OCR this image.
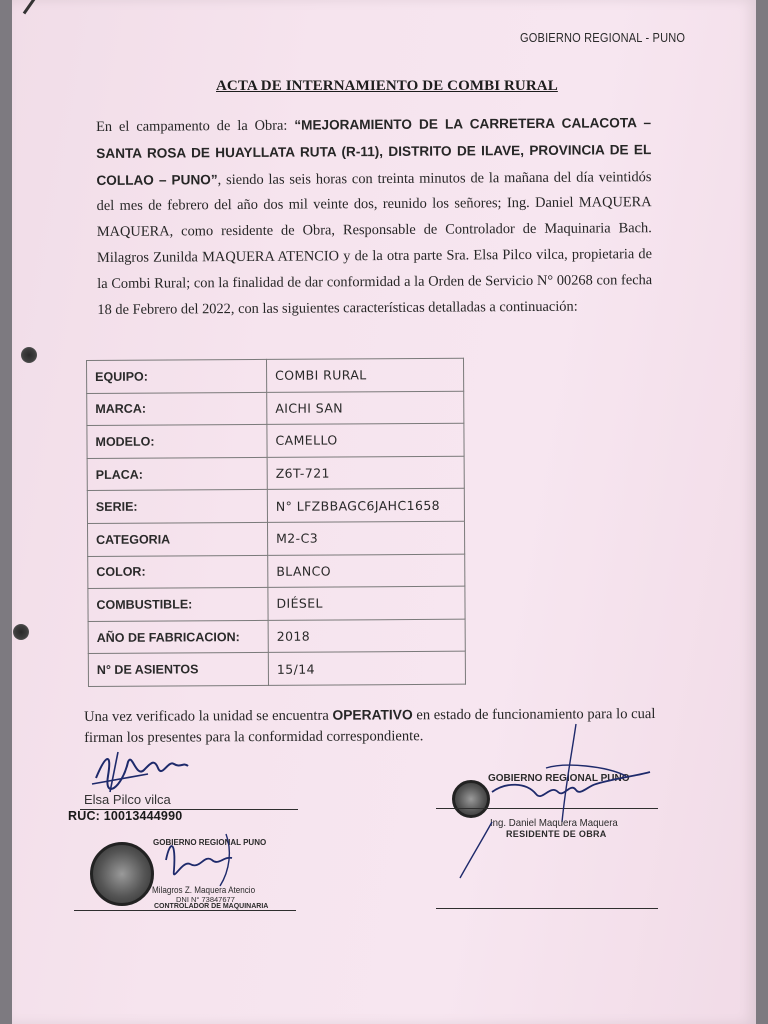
GOBIERNO REGIONAL - PUNO
ACTA DE INTERNAMIENTO DE COMBI RURAL
En el campamento de la Obra: “MEJORAMIENTO DE LA CARRETERA CALACOTA – SANTA ROSA DE HUAYLLATA RUTA (R-11), DISTRITO DE ILAVE, PROVINCIA DE EL COLLAO – PUNO”, siendo las seis horas con treinta minutos de la mañana del día veintidós del mes de febrero del año dos mil veinte dos, reunido los señores; Ing. Daniel MAQUERA MAQUERA, como residente de Obra, Responsable de Controlador de Maquinaria Bach. Milagros Zunilda MAQUERA ATENCIO y de la otra parte Sra. Elsa Pilco vilca, propietaria de la Combi Rural; con la finalidad de dar conformidad a la Orden de Servicio N° 00268 con fecha 18 de Febrero del 2022, con las siguientes características detalladas a continuación:
EQUIPO:	COMBI RURAL
MARCA:	AICHI SAN
MODELO:	CAMELLO
PLACA:	Z6T-721
SERIE:	N° LFZBBAGC6JAHC1658
CATEGORIA	M2-C3
COLOR:	BLANCO
COMBUSTIBLE:	DIÉSEL
AÑO DE FABRICACION:	2018
N° DE ASIENTOS	15/14
Una vez verificado la unidad se encuentra OPERATIVO en estado de funcionamiento para lo cual firman los presentes para la conformidad correspondiente.
Elsa Pilco vilca
RUC: 10013444990
GOBIERNO REGIONAL PUNO
Ing. Daniel Maquera Maquera
RESIDENTE DE OBRA
GOBIERNO REGIONAL PUNO
Milagros Z. Maquera Atencio
DNI N° 73847677
CONTROLADOR DE MAQUINARIA
